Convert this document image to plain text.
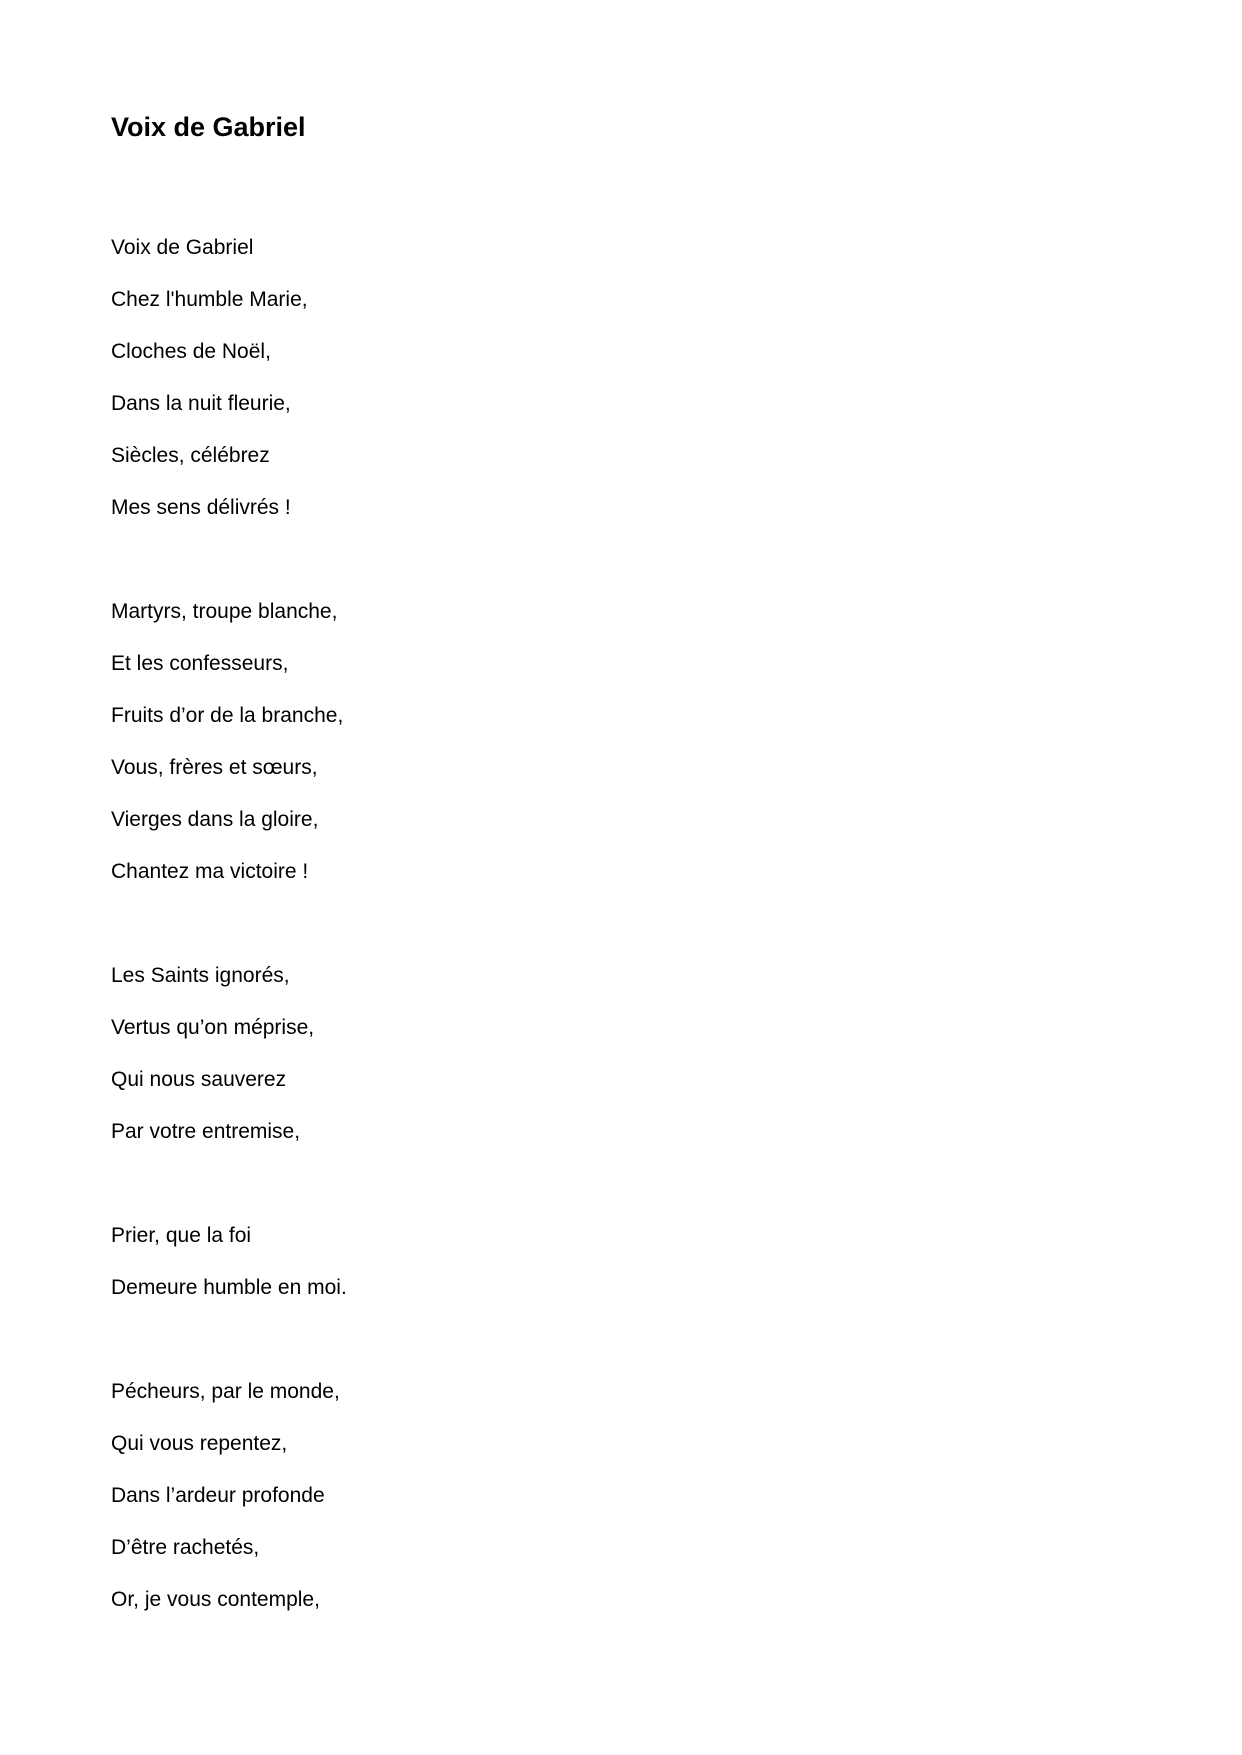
Voix de Gabriel
Voix de Gabriel
Chez l'humble Marie,
Cloches de Noël,
Dans la nuit fleurie,
Siècles, célébrez
Mes sens délivrés !
Martyrs, troupe blanche,
Et les confesseurs,
Fruits d’or de la branche,
Vous, frères et sœurs,
Vierges dans la gloire,
Chantez ma victoire !
Les Saints ignorés,
Vertus qu’on méprise,
Qui nous sauverez
Par votre entremise,
Prier, que la foi
Demeure humble en moi.
Pécheurs, par le monde,
Qui vous repentez,
Dans l’ardeur profonde
D’être rachetés,
Or, je vous contemple,
